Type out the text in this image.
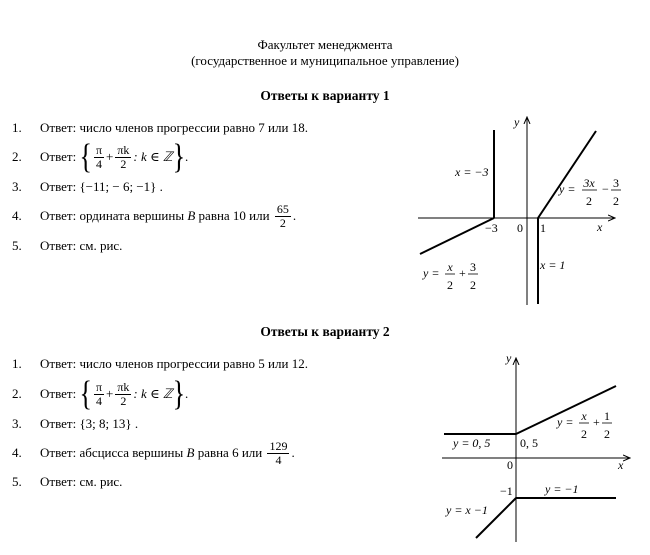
Факультет менеджмента
(государственное и муниципальное управление)
Ответы к варианту 1
1.	Ответ: число членов прогрессии равно 7 или 18.
2.	Ответ:
{ $\frac{\pi}{4} + \frac{\pi k}{2}$ : k ∈ ℤ } .
3.	Ответ: {−11; − 6; −1} .
4.	Ответ: ордината вершины
B
равна 10 или
$\frac{65}{2}$ .
5.	Ответ: см. рис.
y
x
0
−3	1
x = −3
x = 1
y = 3x
2
− 3
2
y = x
2
+ 3
2
y
x
0
0, 5
−1
y = 0, 5
y = −1
y = x −1
y = x
2
+ 1
2
Ответы к варианту 2
1.	Ответ: число членов прогрессии равно 5 или 12.
2.	Ответ:
{ $\frac{\pi}{4} + \frac{\pi k}{2}$ : k ∈ ℤ } .
3.	Ответ: {3; 8; 13} .
4.	Ответ: абсцисса вершины
B
равна 6 или
$\frac{129}{4}$ .
5.	Ответ: см. рис.
